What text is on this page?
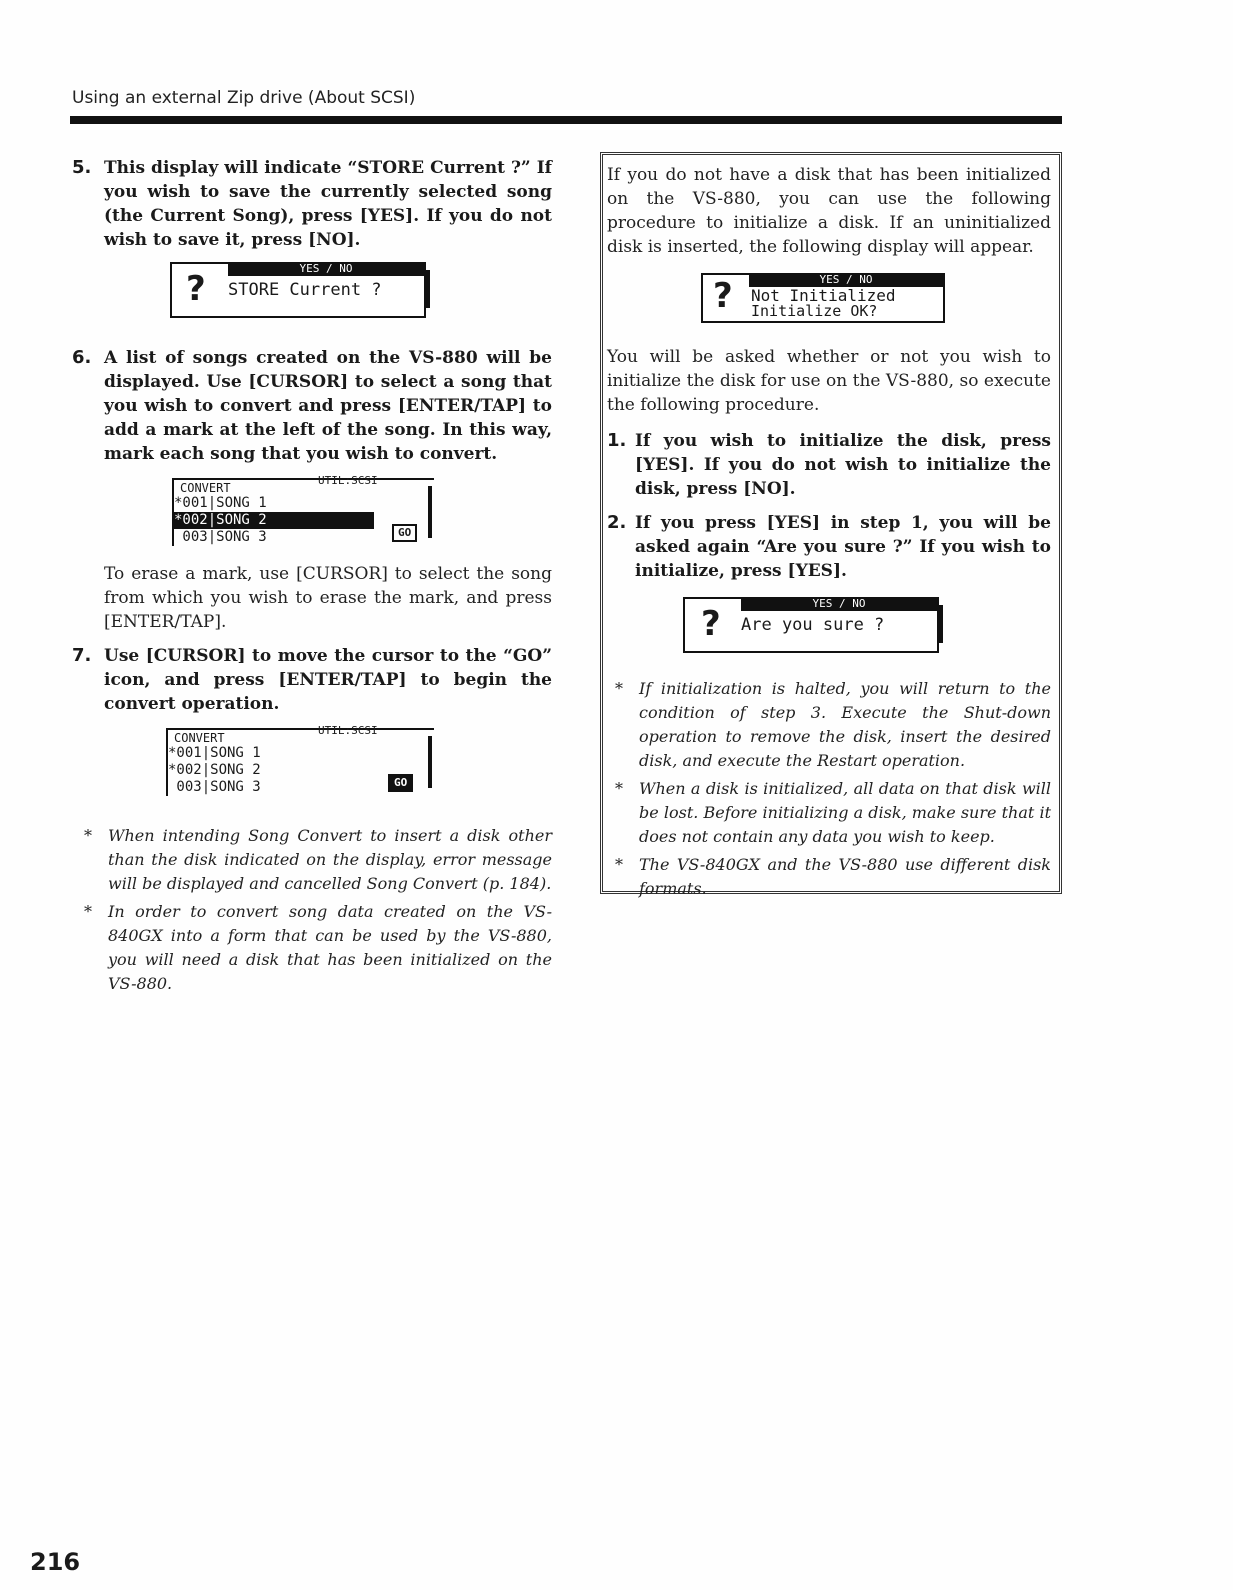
Using an external Zip drive (About SCSI)
5. This display will indicate “STORE Current ?” If you wish to save the currently selected song (the Current Song), press [YES]. If you do not wish to save it, press [NO].
YES / NO
? STORE Current ?
6. A list of songs created on the VS-880 will be displayed. Use [CURSOR] to select a song that you wish to convert and press [ENTER/TAP] to add a mark at the left of the song. In this way, mark each song that you wish to convert.
CONVERT
UTIL:SCSI
*001|SONG 1
*002|SONG 2
003|SONG 3	GO
To erase a mark, use [CURSOR] to select the song from which you wish to erase the mark, and press [ENTER/TAP].
7. Use [CURSOR] to move the cursor to the “GO” icon, and press [ENTER/TAP] to begin the convert operation.
CONVERT
UTIL:SCSI
*001|SONG 1
*002|SONG 2
003|SONG 3	GO
* When intending Song Convert to insert a disk other than the disk indicated on the display, error message will be displayed and cancelled Song Convert (p. 184).
* In order to convert song data created on the VS-840GX into a form that can be used by the VS-880, you will need a disk that has been initialized on the VS-880.
If you do not have a disk that has been initialized on the VS-880, you can use the following procedure to initialize a disk. If an uninitialized disk is inserted, the following display will appear.
YES / NO
? Not Initialized
Initialize OK?
You will be asked whether or not you wish to initialize the disk for use on the VS-880, so execute the following procedure.
1. If you wish to initialize the disk, press [YES]. If you do not wish to initialize the disk, press [NO].
2. If you press [YES] in step 1, you will be asked again “Are you sure ?” If you wish to initialize, press [YES].
YES / NO
? Are you sure ?
* If initialization is halted, you will return to the condition of step 3. Execute the Shut-down operation to remove the disk, insert the desired disk, and execute the Restart operation.
* When a disk is initialized, all data on that disk will be lost. Before initializing a disk, make sure that it does not contain any data you wish to keep.
* The VS-840GX and the VS-880 use different disk formats.
216
